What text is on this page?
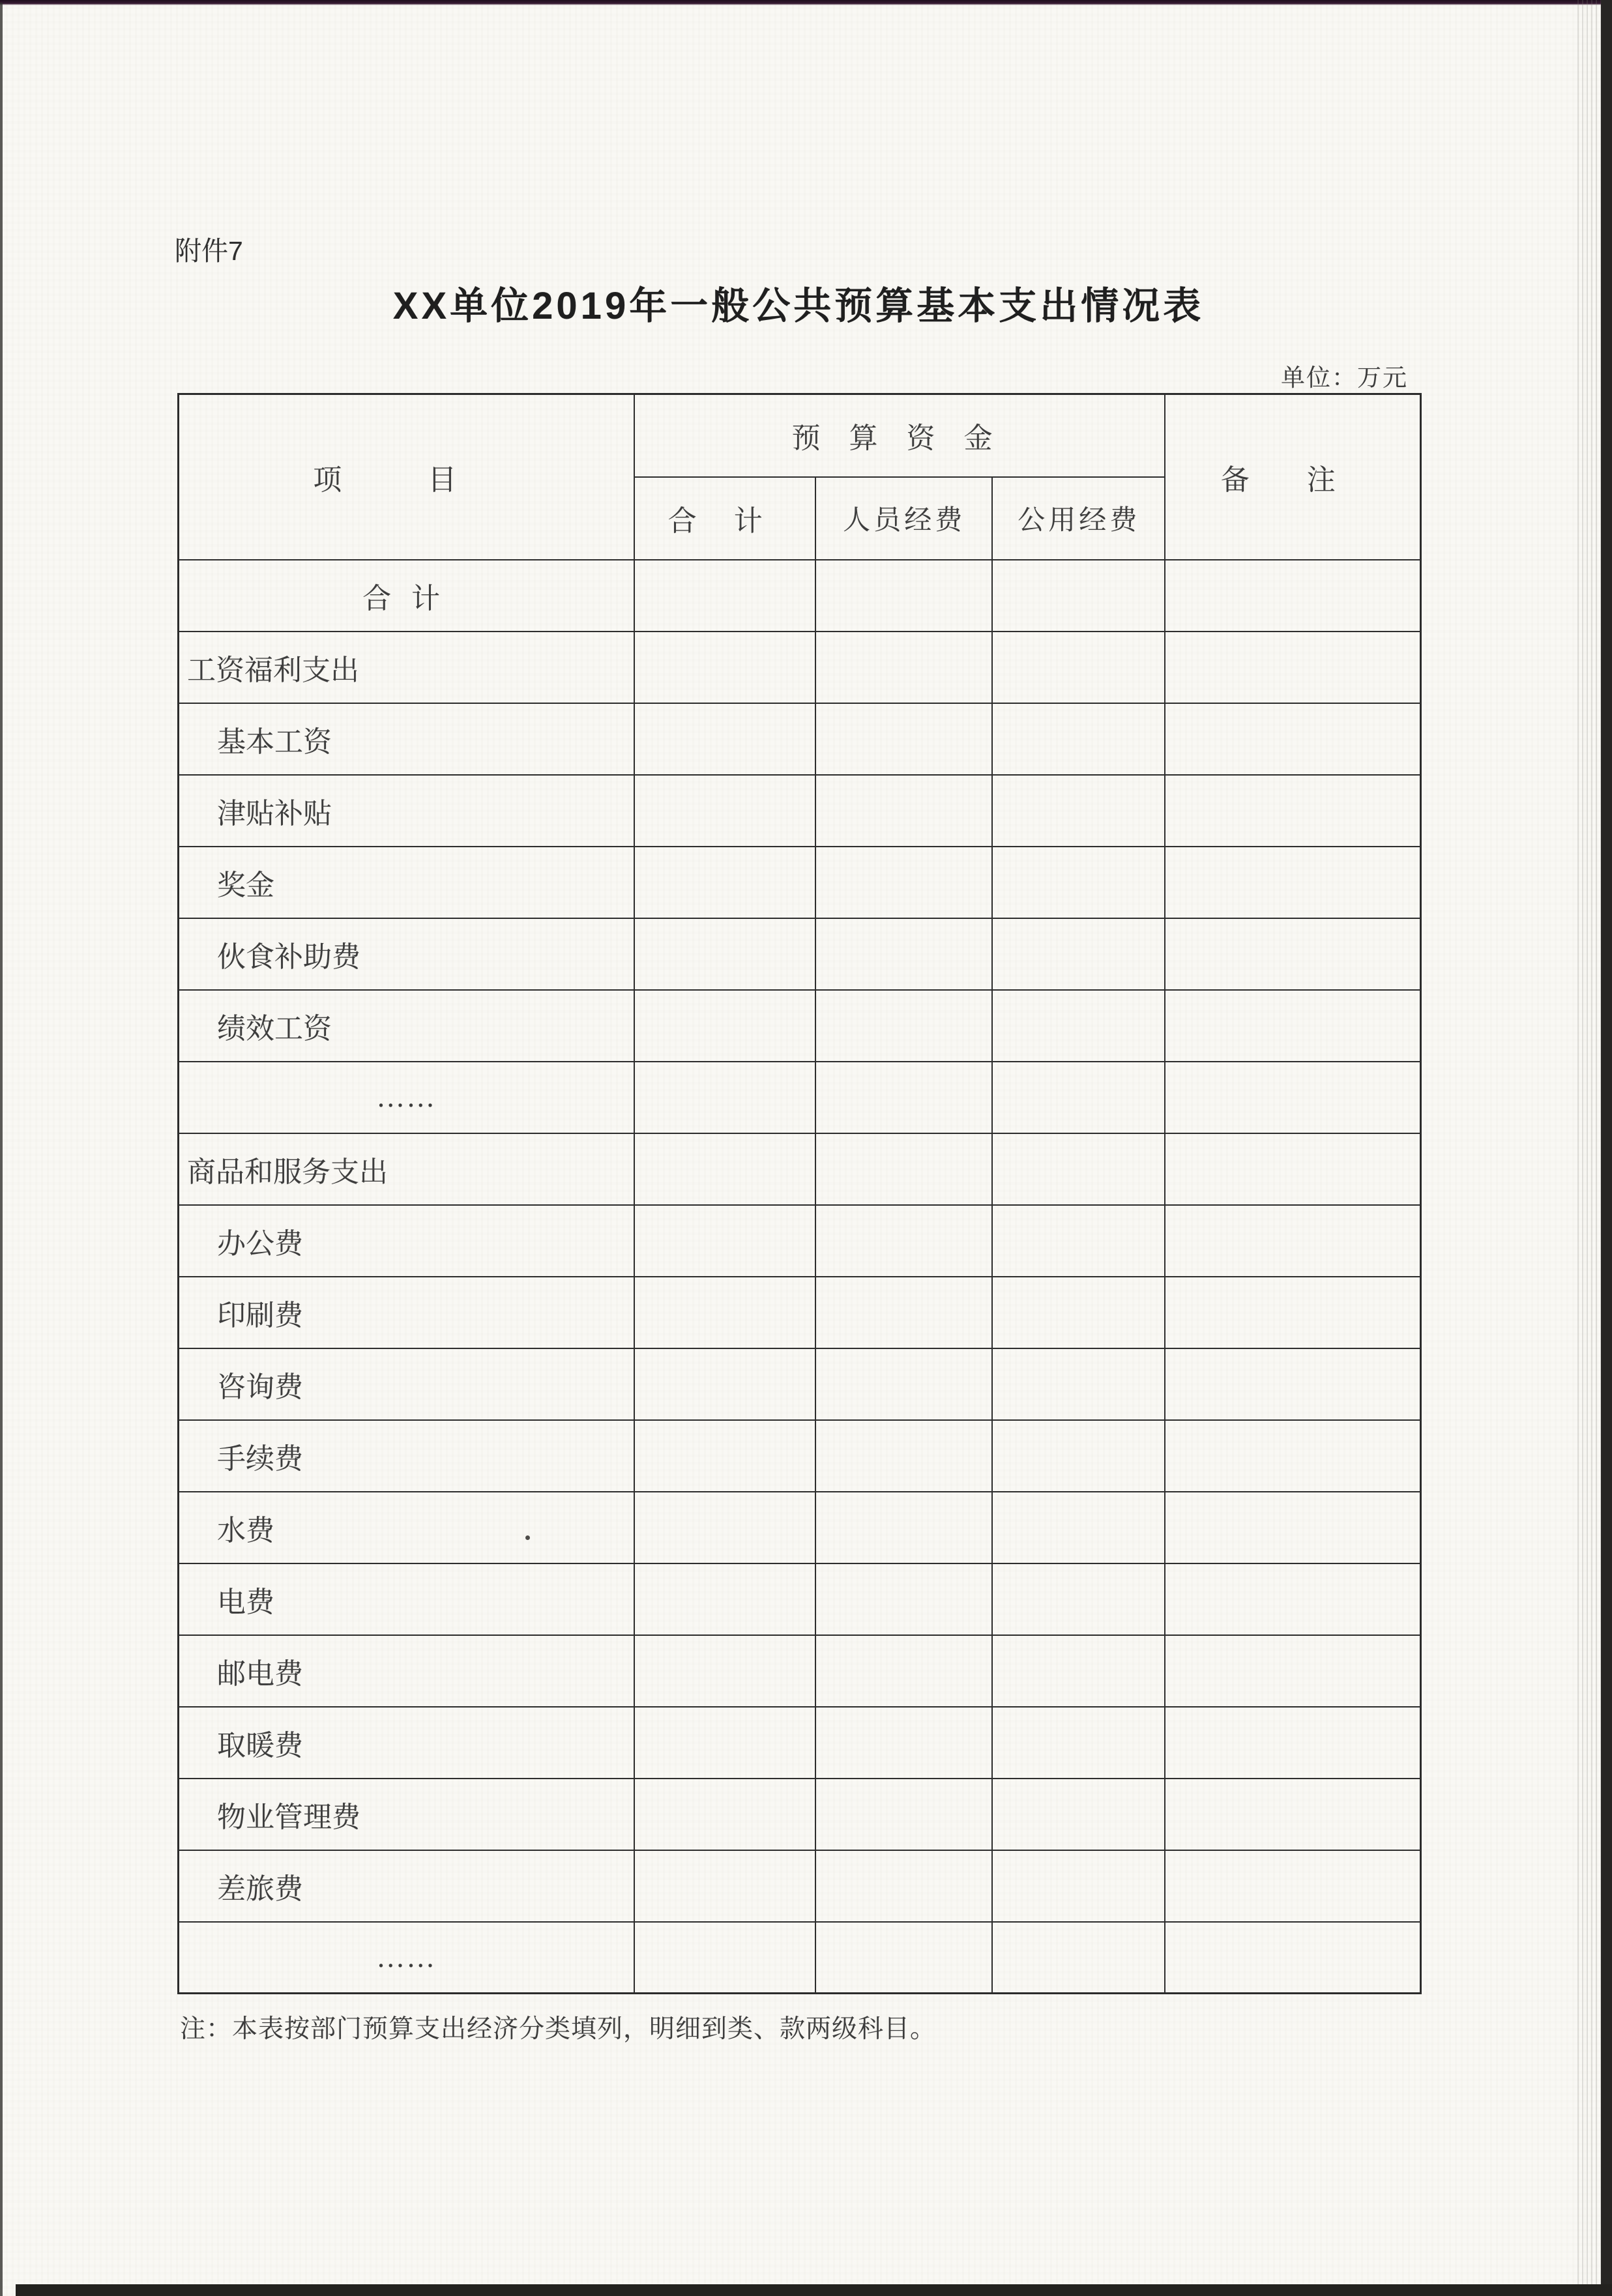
附件7
XX单位2019年一般公共预算基本支出情况表
单位：万元
项目	预算资金			备注
	合计	人员经费	公用经费	
合计				
工资福利支出				
基本工资				
津贴补贴				
奖金				
伙食补助费				
绩效工资				
……				
商品和服务支出				
办公费				
印刷费				
咨询费				
手续费				
水费				
电费				
邮电费				
取暖费				
物业管理费				
差旅费				
……				
注：本表按部门预算支出经济分类填列，明细到类、款两级科目。
